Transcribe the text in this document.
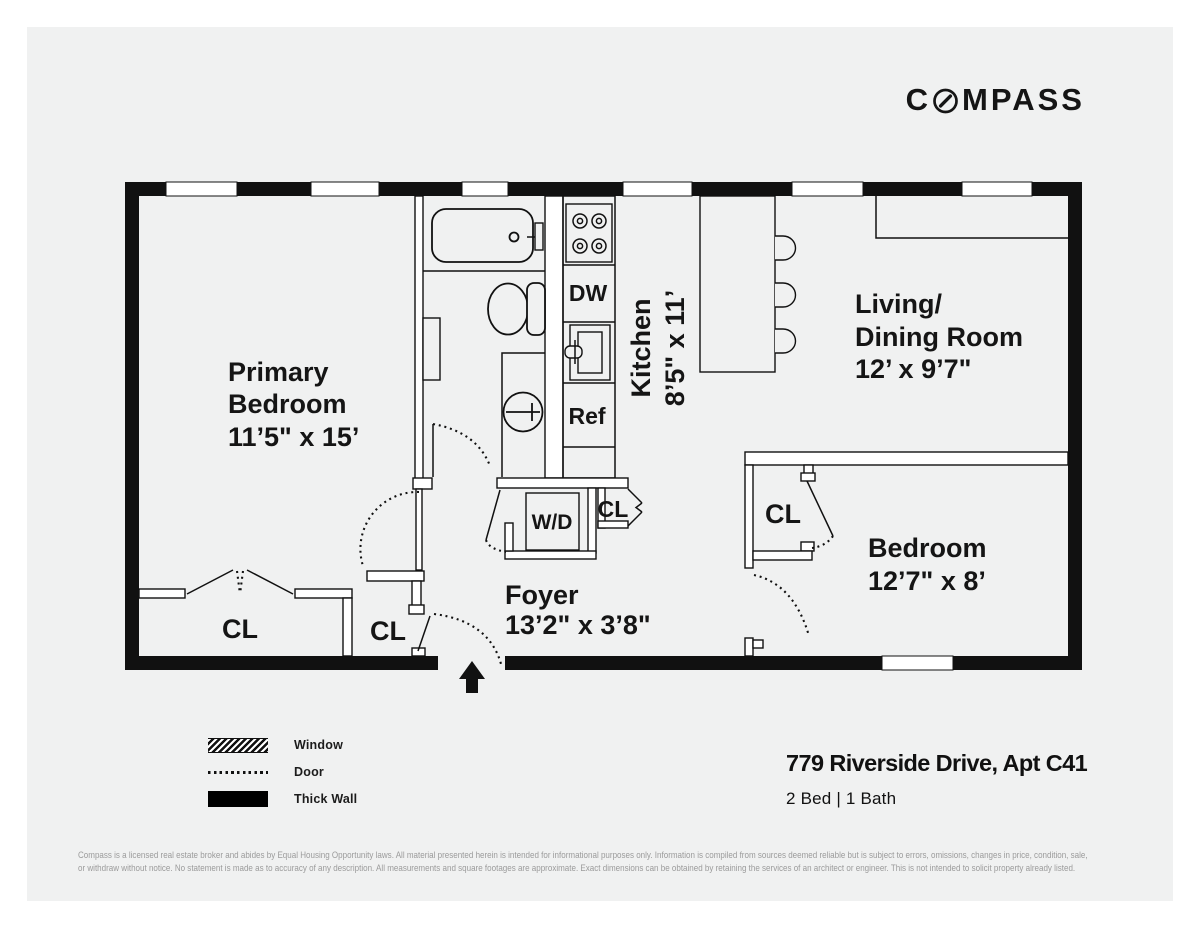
C MPASS
Primary
Bedroom
11’5" x 15’
DW
Ref
Kitchen 8’5" x 11’	Living/
Dining Room
12’ x 9’7"
CL
Bedroom
12’7" x 8’
W/D
CL
Foyer
13’2" x 3’8"
CL	CL
Window
Door
Thick Wall
779 Riverside Drive, Apt C41
2 Bed | 1 Bath
Compass is a licensed real estate broker and abides by Equal Housing Opportunity laws. All material presented herein is intended for informational purposes only. Information is compiled from sources deemed reliable but is subject to errors, omissions, changes in price, condition, sale,
or withdraw without notice. No statement is made as to accuracy of any description. All measurements and square footages are approximate. Exact dimensions can be obtained by retaining the services of an architect or engineer. This is not intended to solicit property already listed.
